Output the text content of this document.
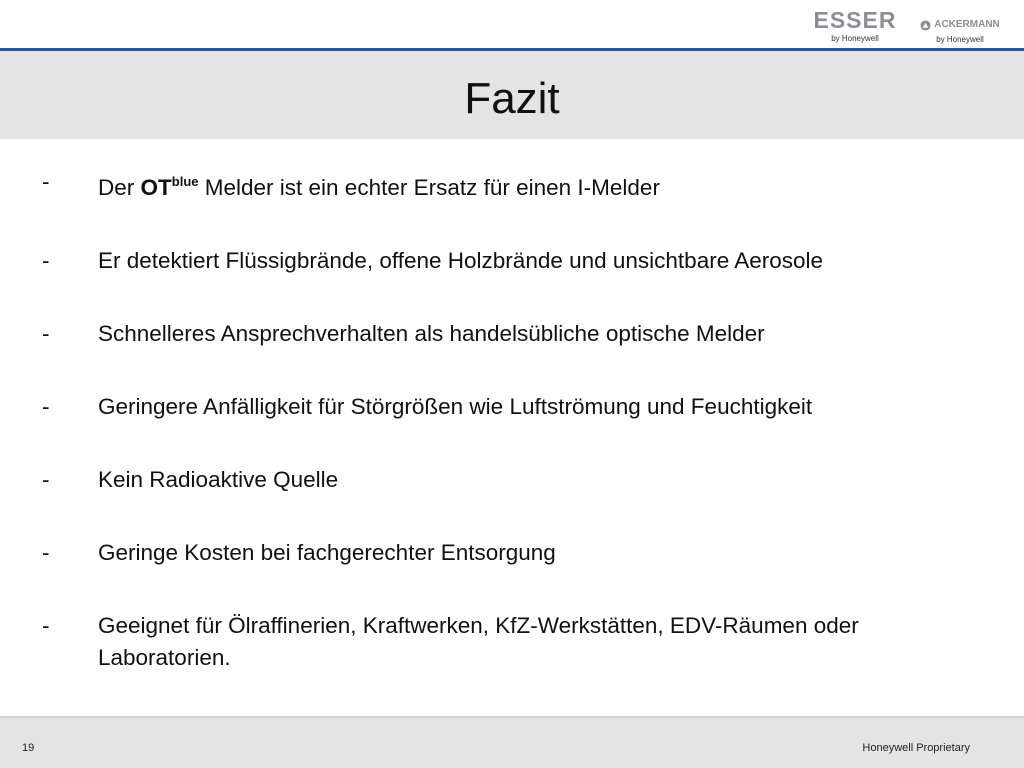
ESSER
by Honeywell
ACKERMANN
by Honeywell
Fazit
-	Der $OT^{blue}$ Melder ist ein echter Ersatz für einen I-Melder
-	Er detektiert Flüssigbrände, offene Holzbrände und unsichtbare Aerosole
-	Schnelleres Ansprechverhalten als handelsübliche optische Melder
-	Geringere Anfälligkeit für Störgrößen wie Luftströmung und Feuchtigkeit
-	Kein Radioaktive Quelle
-	Geringe Kosten bei fachgerechter Entsorgung
-	Geeignet für Ölraffinerien, Kraftwerken, KfZ-Werkstätten, EDV-Räumen oder Laboratorien.
19	Honeywell Proprietary
